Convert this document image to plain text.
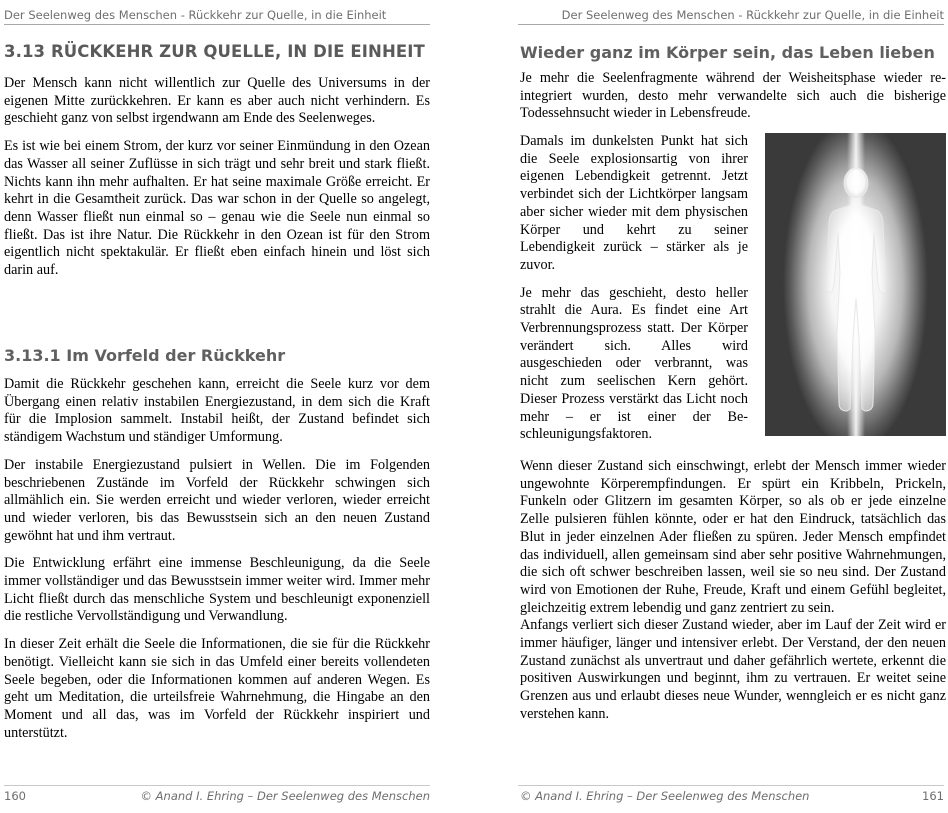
Der Seelenweg des Menschen - Rückkehr zur Quelle, in die Einheit
3.13 RÜCKKEHR ZUR QUELLE, IN DIE EINHEIT

Der Mensch kann nicht willentlich zur Quelle des Universums in der eigenen Mitte zurückkehren. Er kann es aber auch nicht verhindern. Es geschieht ganz von selbst irgendwann am Ende des Seelenweges.

Es ist wie bei einem Strom, der kurz vor seiner Einmündung in den Ozean das Wasser all seiner Zuflüsse in sich trägt und sehr breit und stark fließt. Nichts kann ihn mehr aufhalten. Er hat seine maximale Größe erreicht. Er kehrt in die Gesamtheit zurück. Das war schon in der Quelle so angelegt, denn Wasser fließt nun einmal so – genau wie die Seele nun einmal so fließt. Das ist ihre Natur. Die Rückkehr in den Ozean ist für den Strom eigentlich nicht spektakulär. Er fließt eben einfach hinein und löst sich darin auf.

3.13.1 Im Vorfeld der Rückkehr

Damit die Rückkehr geschehen kann, erreicht die Seele kurz vor dem Übergang einen relativ instabilen Energiezustand, in dem sich die Kraft für die Implosion sammelt. Instabil heißt, der Zustand befindet sich ständigem Wachstum und ständiger Umformung.

Der instabile Energiezustand pulsiert in Wellen. Die im Folgenden beschriebenen Zustände im Vorfeld der Rückkehr schwingen sich allmählich ein. Sie werden erreicht und wieder verloren, wieder erreicht und wieder verloren, bis das Bewusstsein sich an den neuen Zustand gewöhnt hat und ihm vertraut.

Die Entwicklung erfährt eine immense Beschleunigung, da die Seele immer vollständiger und das Bewusstsein immer weiter wird. Immer mehr Licht fließt durch das menschliche System und beschleunigt exponenziell die restliche Vervollständigung und Verwandlung.

In dieser Zeit erhält die Seele die Informationen, die sie für die Rückkehr benötigt. Vielleicht kann sie sich in das Umfeld einer bereits vollendeten Seele begeben, oder die Informationen kommen auf anderen Wegen. Es geht um Meditation, die urteilsfreie Wahrnehmung, die Hingabe an den Moment und all das, was im Vorfeld der Rückkehr inspiriert und unterstützt.

160	© Anand I. Ehring – Der Seelenweg des Menschen
Der Seelenweg des Menschen - Rückkehr zur Quelle, in die Einheit
Wieder ganz im Körper sein, das Leben lieben

Je mehr die Seelenfragmente während der Weisheitsphase wieder re-integriert wurden, desto mehr verwandelte sich auch die bisherige Todessehnsucht wieder in Lebensfreude.

Damals im dunkelsten Punkt hat sich die Seele explosionsartig von ihrer eigenen Lebendigkeit getrennt. Jetzt verbindet sich der Lichtkörper langsam aber sicher wieder mit dem physischen Körper und kehrt zu seiner Lebendigkeit zurück – stärker als je zuvor.

Je mehr das geschieht, desto heller strahlt die Aura. Es findet eine Art Verbrennungsprozess statt. Der Körper verändert sich. Alles wird ausgeschieden oder verbrannt, was nicht zum seelischen Kern gehört. Dieser Prozess verstärkt das Licht noch mehr – er ist einer der Beschleunigungsfaktoren.

Wenn dieser Zustand sich einschwingt, erlebt der Mensch immer wieder ungewohnte Körperempfindungen. Er spürt ein Kribbeln, Prickeln, Funkeln oder Glitzern im gesamten Körper, so als ob er jede einzelne Zelle pulsieren fühlen könnte, oder er hat den Eindruck, tatsächlich das Blut in jeder einzelnen Ader fließen zu spüren. Jeder Mensch empfindet das individuell, allen gemeinsam sind aber sehr positive Wahrnehmungen, die sich oft schwer beschreiben lassen, weil sie so neu sind. Der Zustand wird von Emotionen der Ruhe, Freude, Kraft und einem Gefühl begleitet, gleichzeitig extrem lebendig und ganz zentriert zu sein.

Anfangs verliert sich dieser Zustand wieder, aber im Lauf der Zeit wird er immer häufiger, länger und intensiver erlebt. Der Verstand, der den neuen Zustand zunächst als unvertraut und daher gefährlich wertete, erkennt die positiven Auswirkungen und beginnt, ihm zu vertrauen. Er weitet seine Grenzen aus und erlaubt dieses neue Wunder, wenngleich er es nicht ganz verstehen kann.

© Anand I. Ehring – Der Seelenweg des Menschen	161
